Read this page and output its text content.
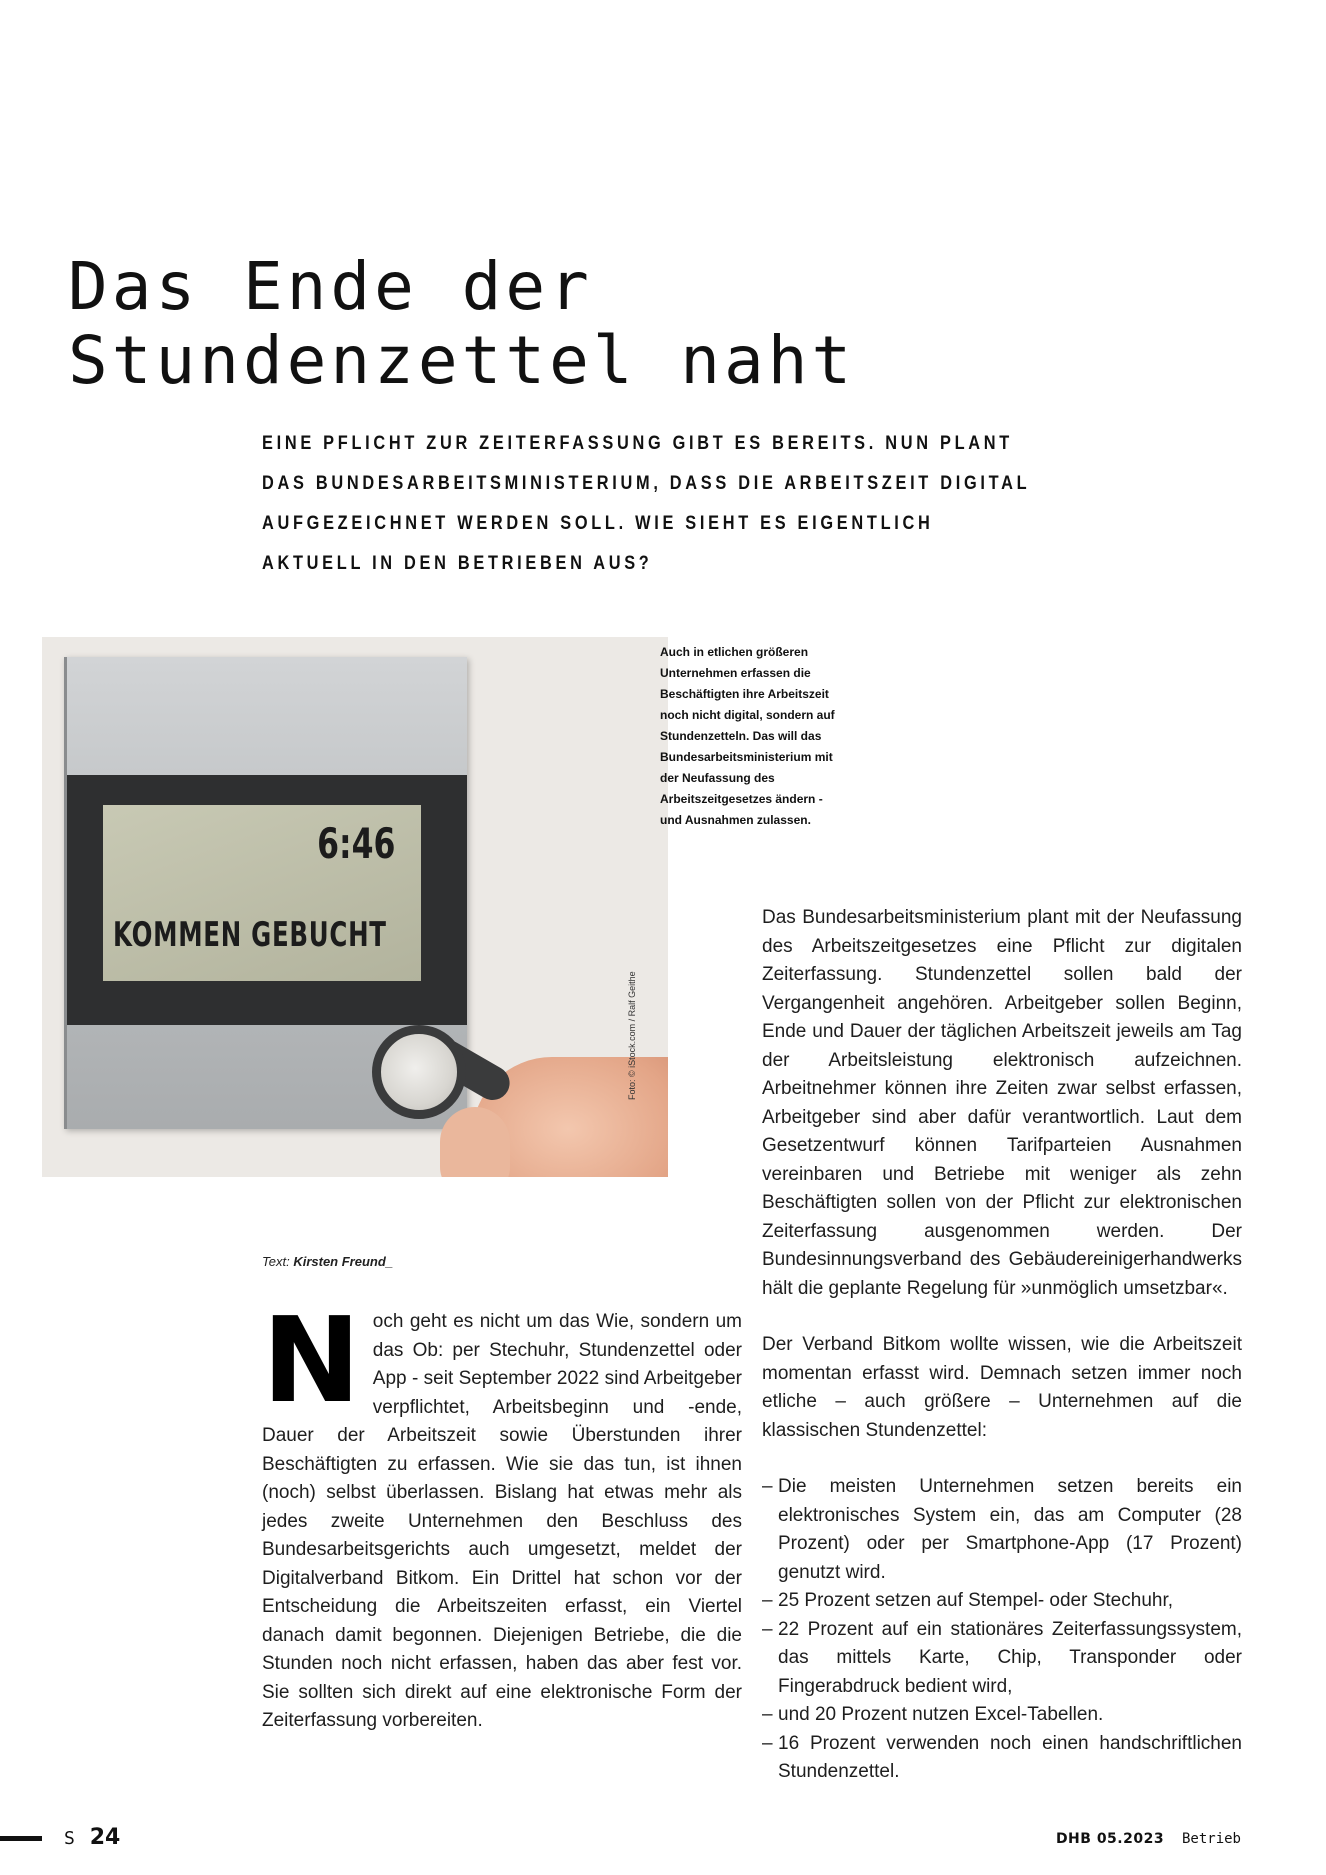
Das Ende der
Stundenzettel naht

EINE PFLICHT ZUR ZEITERFASSUNG GIBT ES BEREITS. NUN PLANT DAS BUNDESARBEITSMINISTERIUM, DASS DIE ARBEITSZEIT DIGITAL AUFGEZEICHNET WERDEN SOLL. WIE SIEHT ES EIGENTLICH AKTUELL IN DEN BETRIEBEN AUS?

6:46
KOMMEN GEBUCHT
Foto: © iStock.com / Ralf Geithe

Auch in etlichen größeren Unternehmen erfassen die Beschäftigten ihre Arbeitszeit noch nicht digital, sondern auf Stundenzetteln. Das will das Bundesarbeitsministerium mit der Neufassung des Arbeitszeitgesetzes ändern - und Ausnahmen zulassen.

Text: Kirsten Freund_
N och geht es nicht um das Wie, sondern um das Ob: per Stechuhr, Stundenzettel oder App - seit September 2022 sind Arbeitgeber verpflichtet, Arbeitsbeginn und -ende, Dauer der Arbeitszeit sowie Überstunden ihrer Beschäftigten zu erfassen. Wie sie das tun, ist ihnen (noch) selbst überlassen. Bislang hat etwas mehr als jedes zweite Unternehmen den Beschluss des Bundesarbeitsgerichts auch umgesetzt, meldet der Digitalverband Bitkom. Ein Drittel hat schon vor der Entscheidung die Arbeitszeiten erfasst, ein Viertel danach damit begonnen. Diejenigen Betriebe, die die Stunden noch nicht erfassen, haben das aber fest vor. Sie sollten sich direkt auf eine elektronische Form der Zeiterfassung vorbereiten.

Das Bundesarbeitsministerium plant mit der Neufassung des Arbeitszeitgesetzes eine Pflicht zur digitalen Zeiterfassung. Stundenzettel sollen bald der Vergangenheit angehören. Arbeitgeber sollen Beginn, Ende und Dauer der täglichen Arbeitszeit jeweils am Tag der Arbeitsleistung elektronisch aufzeichnen. Arbeitnehmer können ihre Zeiten zwar selbst erfassen, Arbeitgeber sind aber dafür verantwortlich. Laut dem Gesetzentwurf können Tarifparteien Ausnahmen vereinbaren und Betriebe mit weniger als zehn Beschäftigten sollen von der Pflicht zur elektronischen Zeiterfassung ausgenommen werden. Der Bundesinnungsverband des Gebäudereinigerhandwerks hält die geplante Regelung für »unmöglich umsetzbar«.

Der Verband Bitkom wollte wissen, wie die Arbeitszeit momentan erfasst wird. Demnach setzen immer noch etliche – auch größere – Unternehmen auf die klassischen Stundenzettel:

– Die meisten Unternehmen setzen bereits ein elektronisches System ein, das am Computer (28 Prozent) oder per Smartphone-App (17 Prozent) genutzt wird.
– 25 Prozent setzen auf Stempel- oder Stechuhr,
– 22 Prozent auf ein stationäres Zeiterfassungssystem, das mittels Karte, Chip, Transponder oder Fingerabdruck bedient wird,
– und 20 Prozent nutzen Excel-Tabellen.
– 16 Prozent verwenden noch einen handschriftlichen Stundenzettel.
S 24	DHB 05.2023 Betrieb
